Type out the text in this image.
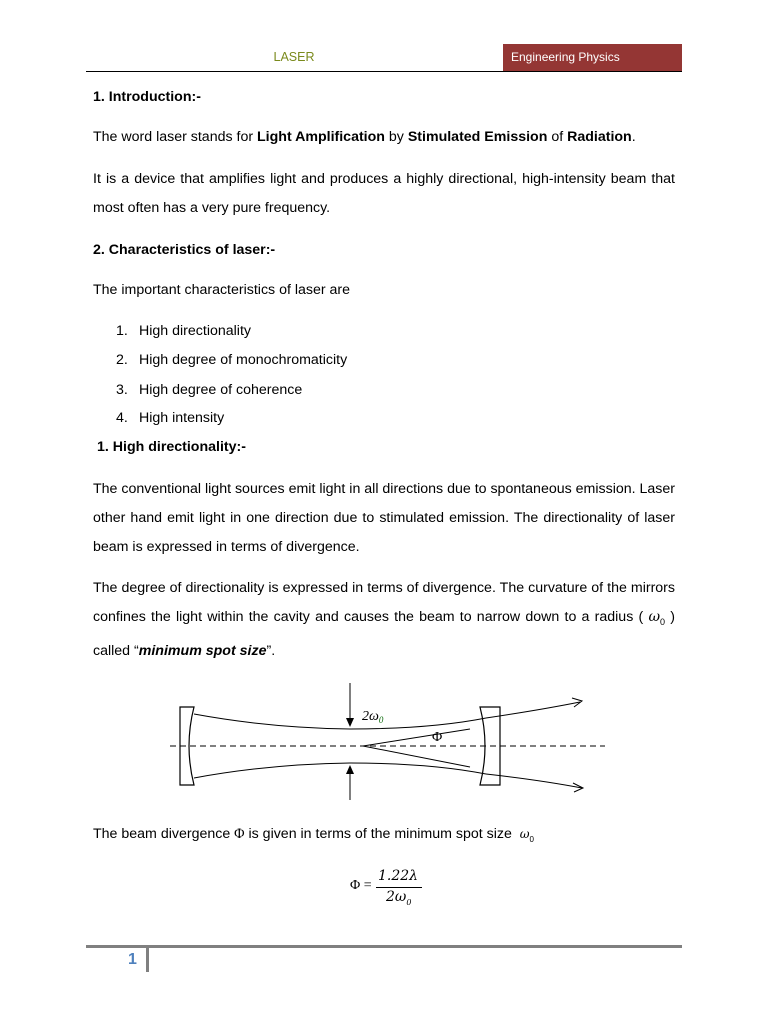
LASER	Engineering Physics
1. Introduction:-
The word laser stands for Light Amplification by Stimulated Emission of Radiation.
It is a device that amplifies light and produces a highly directional, high-intensity beam that most often has a very pure frequency.
2. Characteristics of laser:-
The important characteristics of laser are
1. High directionality
2. High degree of monochromaticity
3. High degree of coherence
4. High intensity
1. High directionality:-
The conventional light sources emit light in all directions due to spontaneous emission. Laser other hand emit light in one direction due to stimulated emission. The directionality of laser beam is expressed in terms of divergence.
The degree of directionality is expressed in terms of divergence. The curvature of the mirrors confines the light within the cavity and causes the beam to narrow down to a radius ( $\omega_0$ ) called “minimum spot size”.
$2\omega_0$
Φ
The beam divergence Φ is given in terms of the minimum spot size  $\omega_0$
Φ =
1.22λ
$2\omega_0$
1
